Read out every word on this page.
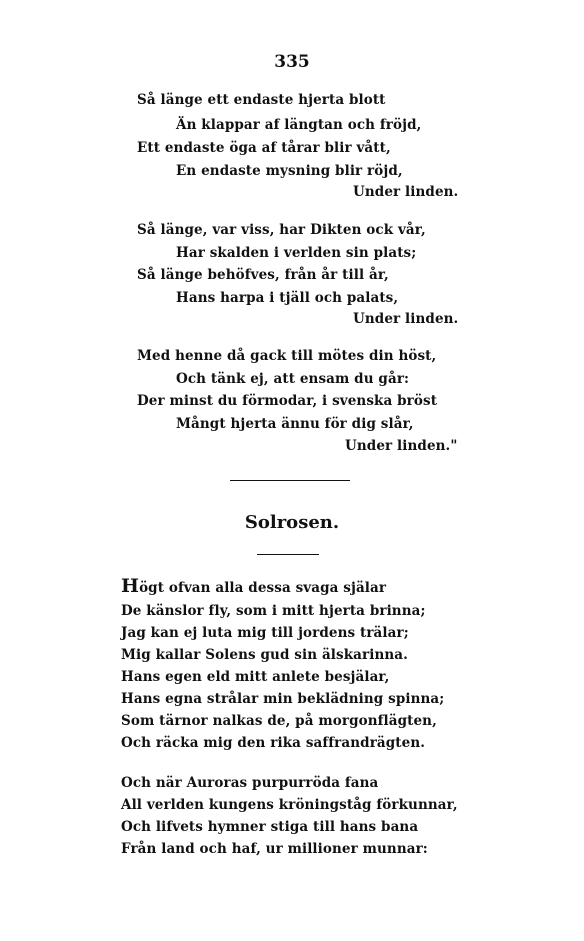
335
Så länge ett endaste hjerta blott
Än klappar af längtan och fröjd,
Ett endaste öga af tårar blir vått,
En endaste mysning blir röjd,
Under linden.
Så länge, var viss, har Dikten ock vår,
Har skalden i verlden sin plats;
Så länge behöfves, från år till år,
Hans harpa i tjäll och palats,
Under linden.
Med henne då gack till mötes din höst,
Och tänk ej, att ensam du går:
Der minst du förmodar, i svenska bröst
Mångt hjerta ännu för dig slår,
Under linden."
Solrosen.
Högt ofvan alla dessa svaga själar
De känslor fly, som i mitt hjerta brinna;
Jag kan ej luta mig till jordens trälar;
Mig kallar Solens gud sin älskarinna.
Hans egen eld mitt anlete besjälar,
Hans egna strålar min beklädning spinna;
Som tärnor nalkas de, på morgonflägten,
Och räcka mig den rika saffrandrägten.
Och när Auroras purpurröda fana
All verlden kungens kröningståg förkunnar,
Och lifvets hymner stiga till hans bana
Från land och haf, ur millioner munnar:
